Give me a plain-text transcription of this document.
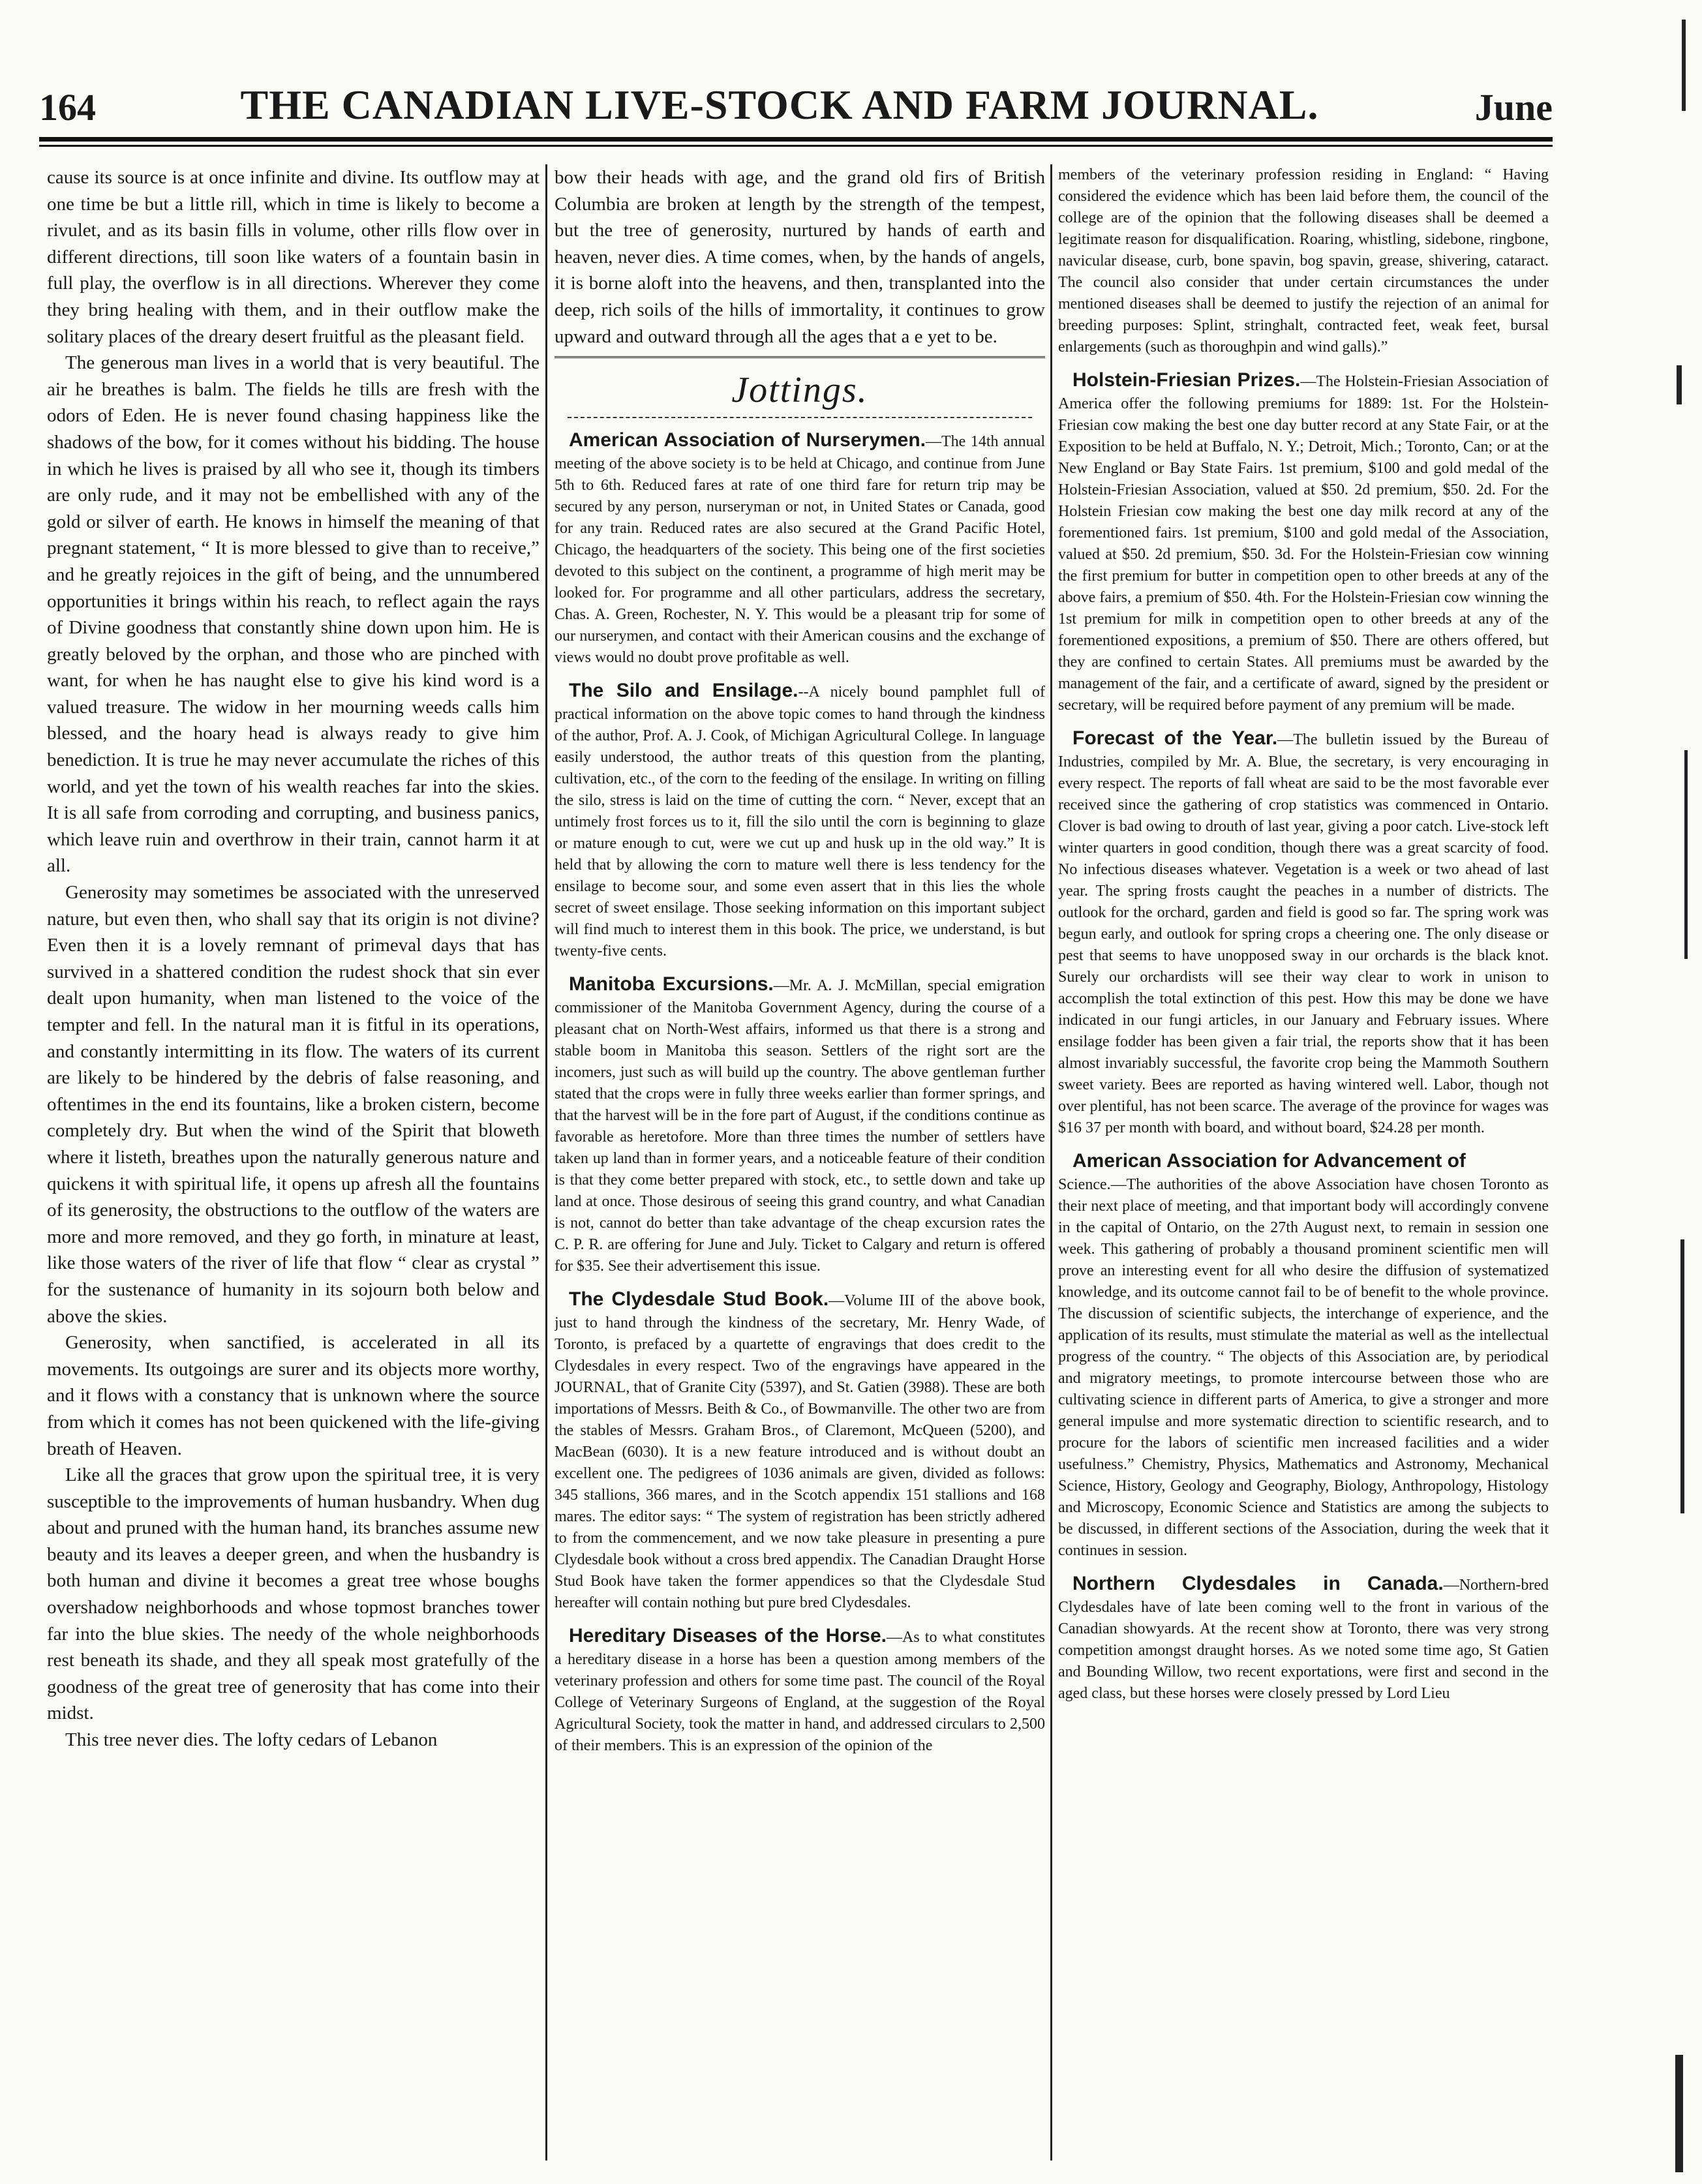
164	THE CANADIAN LIVE-STOCK AND FARM JOURNAL.	June

cause its source is at once infinite and divine. Its outflow may at one time be but a little rill, which in time is likely to become a rivulet, and as its basin fills in volume, other rills flow over in different directions, till soon like waters of a fountain basin in full play, the overflow is in all directions. Wherever they come they bring healing with them, and in their outflow make the solitary places of the dreary desert fruitful as the pleasant field.

The generous man lives in a world that is very beautiful. The air he breathes is balm. The fields he tills are fresh with the odors of Eden. He is never found chasing happiness like the shadows of the bow, for it comes without his bidding. The house in which he lives is praised by all who see it, though its timbers are only rude, and it may not be embellished with any of the gold or silver of earth. He knows in himself the meaning of that pregnant statement, “ It is more blessed to give than to receive,” and he greatly rejoices in the gift of being, and the unnumbered opportunities it brings within his reach, to reflect again the rays of Divine goodness that constantly shine down upon him. He is greatly beloved by the orphan, and those who are pinched with want, for when he has naught else to give his kind word is a valued treasure. The widow in her mourning weeds calls him blessed, and the hoary head is always ready to give him benediction. It is true he may never accumulate the riches of this world, and yet the town of his wealth reaches far into the skies. It is all safe from corroding and corrupting, and business panics, which leave ruin and overthrow in their train, cannot harm it at all.

Generosity may sometimes be associated with the unreserved nature, but even then, who shall say that its origin is not divine? Even then it is a lovely remnant of primeval days that has survived in a shattered condition the rudest shock that sin ever dealt upon humanity, when man listened to the voice of the tempter and fell. In the natural man it is fitful in its operations, and constantly intermitting in its flow. The waters of its current are likely to be hindered by the debris of false reasoning, and oftentimes in the end its fountains, like a broken cistern, become completely dry. But when the wind of the Spirit that bloweth where it listeth, breathes upon the naturally generous nature and quickens it with spiritual life, it opens up afresh all the fountains of its generosity, the obstructions to the outflow of the waters are more and more removed, and they go forth, in minature at least, like those waters of the river of life that flow “ clear as crystal ” for the sustenance of humanity in its sojourn both below and above the skies.

Generosity, when sanctified, is accelerated in all its movements. Its outgoings are surer and its objects more worthy, and it flows with a constancy that is unknown where the source from which it comes has not been quickened with the life-giving breath of Heaven.

Like all the graces that grow upon the spiritual tree, it is very susceptible to the improvements of human husbandry. When dug about and pruned with the human hand, its branches assume new beauty and its leaves a deeper green, and when the husbandry is both human and divine it becomes a great tree whose boughs overshadow neighborhoods and whose topmost branches tower far into the blue skies. The needy of the whole neighborhoods rest beneath its shade, and they all speak most gratefully of the goodness of the great tree of generosity that has come into their midst.

This tree never dies. The lofty cedars of Lebanon

bow their heads with age, and the grand old firs of British Columbia are broken at length by the strength of the tempest, but the tree of generosity, nurtured by hands of earth and heaven, never dies. A time comes, when, by the hands of angels, it is borne aloft into the heavens, and then, transplanted into the deep, rich soils of the hills of immortality, it continues to grow upward and outward through all the ages that a e yet to be.

Jottings.
American Association of Nurserymen.—The 14th annual meeting of the above society is to be held at Chicago, and continue from June 5th to 6th. Reduced fares at rate of one third fare for return trip may be secured by any person, nurseryman or not, in United States or Canada, good for any train. Reduced rates are also secured at the Grand Pacific Hotel, Chicago, the headquarters of the society. This being one of the first societies devoted to this subject on the continent, a programme of high merit may be looked for. For programme and all other particulars, address the secretary, Chas. A. Green, Rochester, N. Y. This would be a pleasant trip for some of our nurserymen, and contact with their American cousins and the exchange of views would no doubt prove profitable as well.
The Silo and Ensilage.--A nicely bound pamphlet full of practical information on the above topic comes to hand through the kindness of the author, Prof. A. J. Cook, of Michigan Agricultural College. In language easily understood, the author treats of this question from the planting, cultivation, etc., of the corn to the feeding of the ensilage. In writing on filling the silo, stress is laid on the time of cutting the corn. “ Never, except that an untimely frost forces us to it, fill the silo until the corn is beginning to glaze or mature enough to cut, were we cut up and husk up in the old way.” It is held that by allowing the corn to mature well there is less tendency for the ensilage to become sour, and some even assert that in this lies the whole secret of sweet ensilage. Those seeking information on this important subject will find much to interest them in this book. The price, we understand, is but twenty-five cents.
Manitoba Excursions.—Mr. A. J. McMillan, special emigration commissioner of the Manitoba Government Agency, during the course of a pleasant chat on North-West affairs, informed us that there is a strong and stable boom in Manitoba this season. Settlers of the right sort are the incomers, just such as will build up the country. The above gentleman further stated that the crops were in fully three weeks earlier than former springs, and that the harvest will be in the fore part of August, if the conditions continue as favorable as heretofore. More than three times the number of settlers have taken up land than in former years, and a noticeable feature of their condition is that they come better prepared with stock, etc., to settle down and take up land at once. Those desirous of seeing this grand country, and what Canadian is not, cannot do better than take advantage of the cheap excursion rates the C. P. R. are offering for June and July. Ticket to Calgary and return is offered for $35. See their advertisement this issue.
The Clydesdale Stud Book.—Volume III of the above book, just to hand through the kindness of the secretary, Mr. Henry Wade, of Toronto, is prefaced by a quartette of engravings that does credit to the Clydesdales in every respect. Two of the engravings have appeared in the JOURNAL, that of Granite City (5397), and St. Gatien (3988). These are both importations of Messrs. Beith & Co., of Bowmanville. The other two are from the stables of Messrs. Graham Bros., of Claremont, McQueen (5200), and MacBean (6030). It is a new feature introduced and is without doubt an excellent one. The pedigrees of 1036 animals are given, divided as follows: 345 stallions, 366 mares, and in the Scotch appendix 151 stallions and 168 mares. The editor says: “ The system of registration has been strictly adhered to from the commencement, and we now take pleasure in presenting a pure Clydesdale book without a cross bred appendix. The Canadian Draught Horse Stud Book have taken the former appendices so that the Clydesdale Stud hereafter will contain nothing but pure bred Clydesdales.
Hereditary Diseases of the Horse.—As to what constitutes a hereditary disease in a horse has been a question among members of the veterinary profession and others for some time past. The council of the Royal College of Veterinary Surgeons of England, at the suggestion of the Royal Agricultural Society, took the matter in hand, and addressed circulars to 2,500 of their members. This is an expression of the opinion of the
members of the veterinary profession residing in England: “ Having considered the evidence which has been laid before them, the council of the college are of the opinion that the following diseases shall be deemed a legitimate reason for disqualification. Roaring, whistling, sidebone, ringbone, navicular disease, curb, bone spavin, bog spavin, grease, shivering, cataract. The council also consider that under certain circumstances the under mentioned diseases shall be deemed to justify the rejection of an animal for breeding purposes: Splint, stringhalt, contracted feet, weak feet, bursal enlargements (such as thoroughpin and wind galls).”
Holstein-Friesian Prizes.—The Holstein-Friesian Association of America offer the following premiums for 1889: 1st. For the Holstein-Friesian cow making the best one day butter record at any State Fair, or at the Exposition to be held at Buffalo, N. Y.; Detroit, Mich.; Toronto, Can; or at the New England or Bay State Fairs. 1st premium, $100 and gold medal of the Holstein-Friesian Association, valued at $50. 2d premium, $50. 2d. For the Holstein Friesian cow making the best one day milk record at any of the forementioned fairs. 1st premium, $100 and gold medal of the Association, valued at $50. 2d premium, $50. 3d. For the Holstein-Friesian cow winning the first premium for butter in competition open to other breeds at any of the above fairs, a premium of $50. 4th. For the Holstein-Friesian cow winning the 1st premium for milk in competition open to other breeds at any of the forementioned expositions, a premium of $50. There are others offered, but they are confined to certain States. All premiums must be awarded by the management of the fair, and a certificate of award, signed by the president or secretary, will be required before payment of any premium will be made.
Forecast of the Year.—The bulletin issued by the Bureau of Industries, compiled by Mr. A. Blue, the secretary, is very encouraging in every respect. The reports of fall wheat are said to be the most favorable ever received since the gathering of crop statistics was commenced in Ontario. Clover is bad owing to drouth of last year, giving a poor catch. Live-stock left winter quarters in good condition, though there was a great scarcity of food. No infectious diseases whatever. Vegetation is a week or two ahead of last year. The spring frosts caught the peaches in a number of districts. The outlook for the orchard, garden and field is good so far. The spring work was begun early, and outlook for spring crops a cheering one. The only disease or pest that seems to have unopposed sway in our orchards is the black knot. Surely our orchardists will see their way clear to work in unison to accomplish the total extinction of this pest. How this may be done we have indicated in our fungi articles, in our January and February issues. Where ensilage fodder has been given a fair trial, the reports show that it has been almost invariably successful, the favorite crop being the Mammoth Southern sweet variety. Bees are reported as having wintered well. Labor, though not over plentiful, has not been scarce. The average of the province for wages was $16 37 per month with board, and without board, $24.28 per month.
American Association for Advancement of
Science.—The authorities of the above Association have chosen Toronto as their next place of meeting, and that important body will accordingly convene in the capital of Ontario, on the 27th August next, to remain in session one week. This gathering of probably a thousand prominent scientific men will prove an interesting event for all who desire the diffusion of systematized knowledge, and its outcome cannot fail to be of benefit to the whole province. The discussion of scientific subjects, the interchange of experience, and the application of its results, must stimulate the material as well as the intellectual progress of the country. “ The objects of this Association are, by periodical and migratory meetings, to promote intercourse between those who are cultivating science in different parts of America, to give a stronger and more general impulse and more systematic direction to scientific research, and to procure for the labors of scientific men increased facilities and a wider usefulness.” Chemistry, Physics, Mathematics and Astronomy, Mechanical Science, History, Geology and Geography, Biology, Anthropology, Histology and Microscopy, Economic Science and Statistics are among the subjects to be discussed, in different sections of the Association, during the week that it continues in session.
Northern Clydesdales in Canada.—Northern-bred Clydesdales have of late been coming well to the front in various of the Canadian showyards. At the recent show at Toronto, there was very strong competition amongst draught horses. As we noted some time ago, St Gatien and Bounding Willow, two recent exportations, were first and second in the aged class, but these horses were closely pressed by Lord Lieu
